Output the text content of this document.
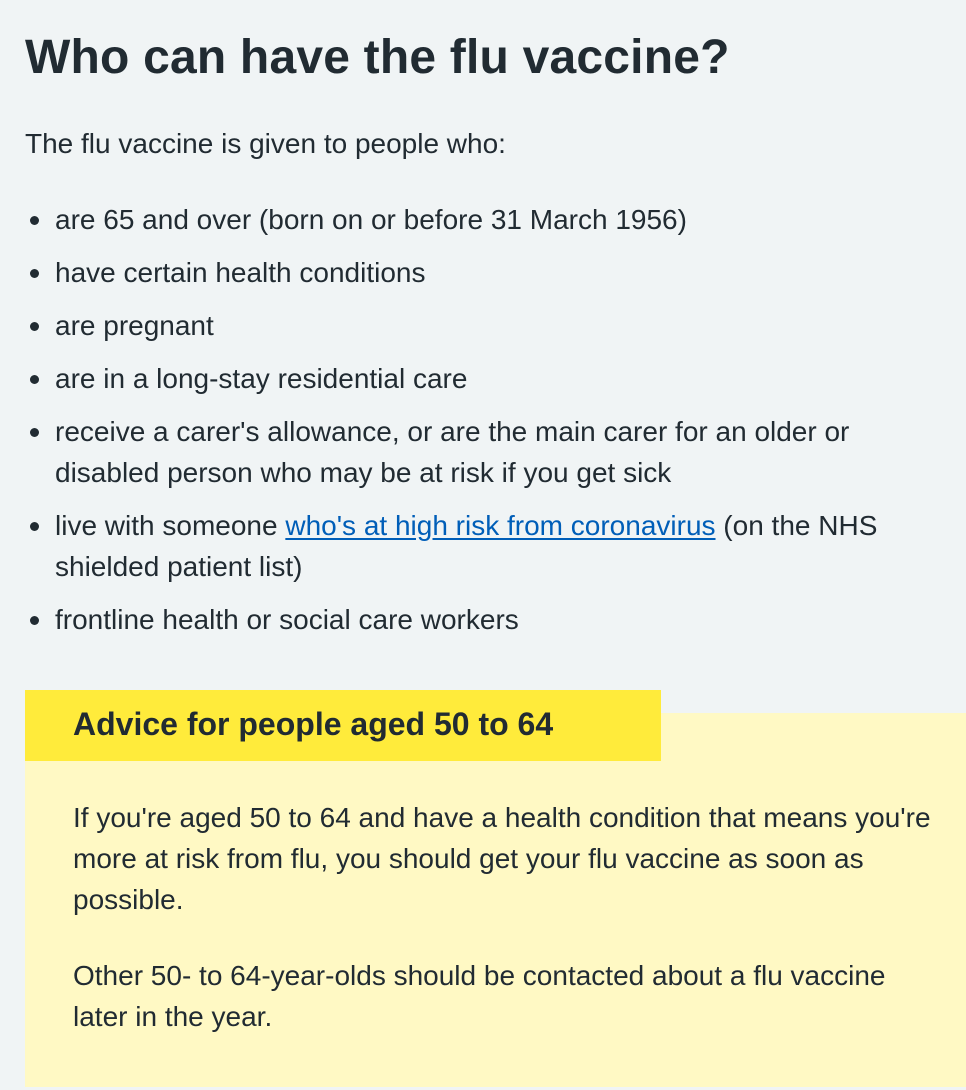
Who can have the flu vaccine?

The flu vaccine is given to people who:

are 65 and over (born on or before 31 March 1956)
have certain health conditions
are pregnant
are in a long-stay residential care
receive a carer's allowance, or are the main carer for an older or disabled person who may be at risk if you get sick
live with someone who's at high risk from coronavirus (on the NHS shielded patient list)
frontline health or social care workers
Advice for people aged 50 to 64

If you're aged 50 to 64 and have a health condition that means you're more at risk from flu, you should get your flu vaccine as soon as possible.

Other 50- to 64-year-olds should be contacted about a flu vaccine later in the year.
